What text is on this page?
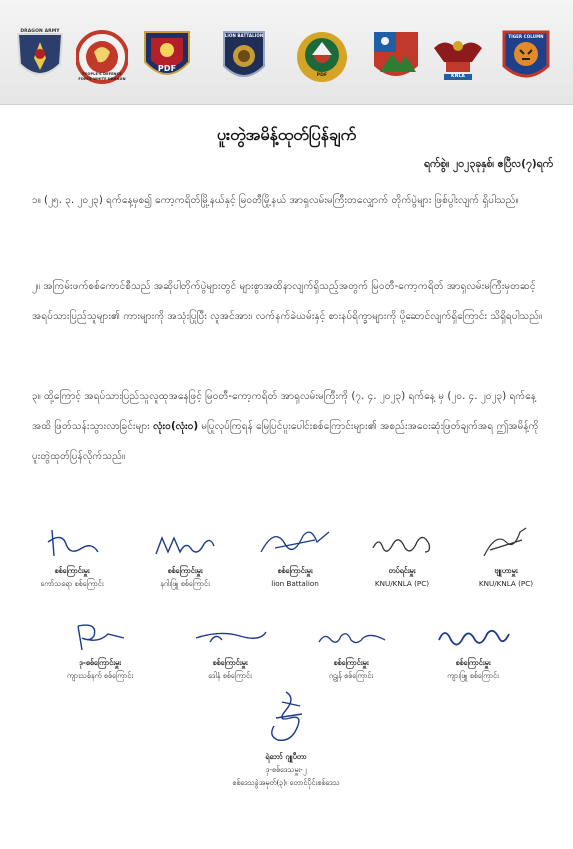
DRAGON ARMY
PEOPLE'S DEFENCE FORCE WHITE DRAGON
PDF
LION BATTALION
PDF	KNLA
TIGER COLUMN
ပူးတွဲအမိန့်ထုတ်ပြန်ချက်
ရက်စွဲ။ ၂၀၂၃ခုနှစ်၊ ဧပြီလ(၇)ရက်

၁။ (၂၅. ၃. ၂၀၂၃) ရက်နေ့မှစ၍ ကော့ကရိတ်မြို့နယ်နှင့် မြဝတီမြို့နယ် အာရှလမ်းမကြီးတလျှောက် တိုက်ပွဲများ ဖြစ်ပွါးလျက် ရှိပါသည်။

၂။ အကြမ်းဖက်စစ်ကောင်စီသည် အဆိုပါတိုက်ပွဲများတွင် များစွာအထိနာလျက်ရှိသည့်အတွက် မြဝတီ-ကော့ကရိတ် အာရှလမ်းမကြီးမှတဆင့် အရပ်သားပြည်သူများ၏ ကားများကို အသုံးပြုပြီး လူအင်အား၊ လက်နက်ခဲယမ်းနှင့် စားနပ်ရိက္ခာများကို ပို့ဆောင်လျက်ရှိကြောင်း သိရှိရပါသည်။

၃။ ထို့ကြောင့် အရပ်သားပြည်သူလူထုအနေဖြင့် မြဝတီ-ကော့ကရိတ် အာရှလမ်းမကြီးကို (၇. ၄. ၂၀၂၃) ရက်နေ့ မှ (၂၀. ၄. ၂၀၂၃) ရက်နေ့အထိ ဖြတ်သန်းသွားလာခြင်းများ လုံး၀(လုံး၀) မပြုလုပ်ကြရန် မြေပြင်ပူးပေါင်းစစ်ကြောင်းများ၏ အစည်းအဝေးဆုံးဖြတ်ချက်အရ ဤအမိန့်ကို ပူးတွဲထုတ်ပြန်လိုက်သည်။

စစ်ကြောင်းမှူး
ကော်သရော စစ်ကြောင်း
စစ်ကြောင်းမှူး
နဂါးဖြူ စစ်ကြောင်း
စစ်ကြောင်းမှူး
lion Battalion
တပ်ရင်းမှူး
KNU/KNLA (PC)
ဗျူဟာမှူး
KNU/KNLA (PC)
ဒု-စစ်ကြောင်းမှူး
ကျားသစ်နက် စစ်ကြောင်း
စစ်ကြောင်းမှူး
ဒေါနံ စစ်ကြောင်း
စစ်ကြောင်းမှူး
ဂဠုန် စစ်ကြောင်း
စစ်ကြောင်းမှူး
ကျားဖြူ စစ်ကြောင်း
ရဲဘော် ဂျူပီတာ
ဒု-စစ်ဒေသမှူး-၂
စစ်ဒေသခွဲအမှတ်(၃)၊ တောင်ပိုင်းစစ်ဒေသ
